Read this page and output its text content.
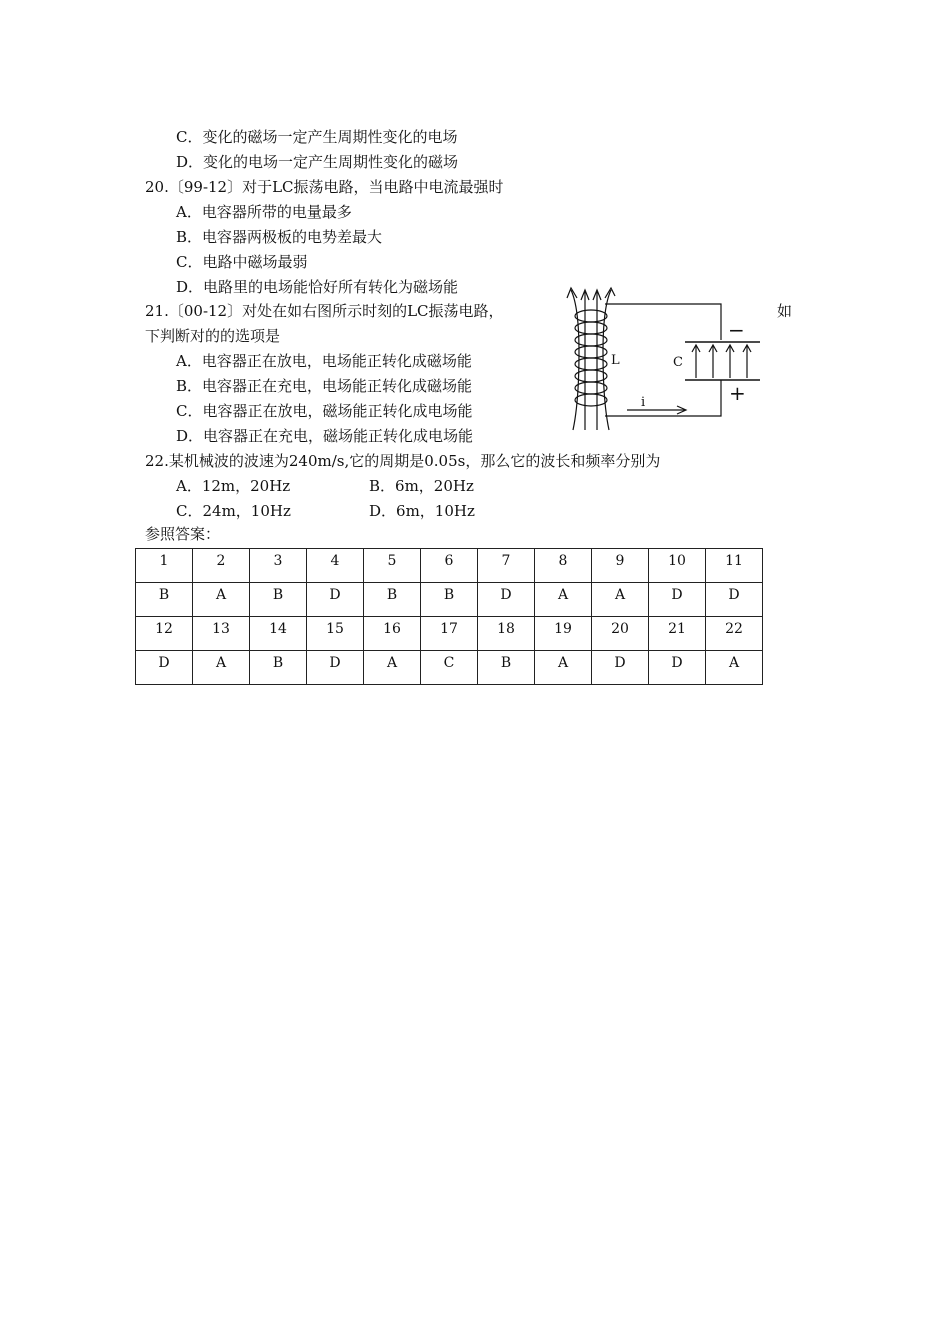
C．变化的磁场一定产生周期性变化的电场
D．变化的电场一定产生周期性变化的磁场
20.〔99-12〕对于LC振荡电路，当电路中电流最强时
A．电容器所带的电量最多
B．电容器两极板的电势差最大
C．电路中磁场最弱
D．电路里的电场能恰好所有转化为磁场能
21.〔00-12〕对处在如右图所示时刻的LC振荡电路，	如
下判断对的的选项是
A．电容器正在放电，电场能正转化成磁场能
B．电容器正在充电，电场能正转化成磁场能
C．电容器正在放电，磁场能正转化成电场能
D．电容器正在充电，磁场能正转化成电场能
L	C
i
−
+
22.某机械波的波速为240m/s,它的周期是0.05s，那么它的波长和频率分别为
A．12m，20Hz	B．6m，20Hz
C．24m，10Hz	D．6m，10Hz
参照答案：
1	2	3	4	5	6	7	8	9	10	11
B	A	B	D	B	B	D	A	A	D	D
12	13	14	15	16	17	18	19	20	21	22
D	A	B	D	A	C	B	A	D	D	A
